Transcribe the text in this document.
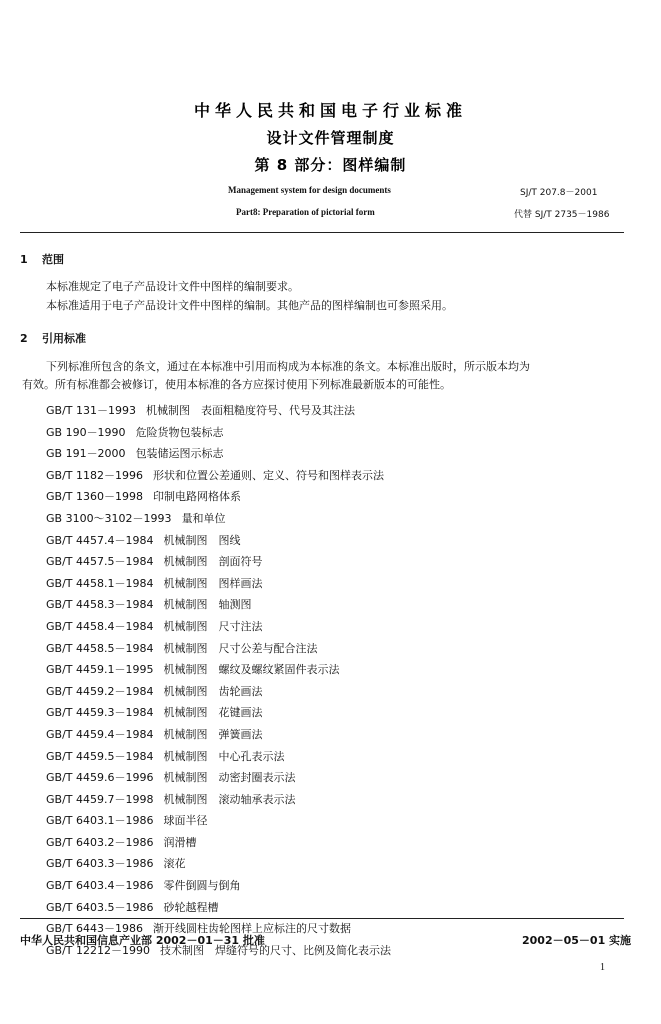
中华人民共和国电子行业标准
设计文件管理制度
第 8 部分：图样编制
Management system for design documents
Part8: Preparation of pictorial form
SJ/T 207.8－2001
代替 SJ/T 2735－1986
1 范围
本标准规定了电子产品设计文件中图样的编制要求。
本标准适用于电子产品设计文件中图样的编制。其他产品的图样编制也可参照采用。
2 引用标准
下列标准所包含的条文，通过在本标准中引用而构成为本标准的条文。本标准出版时，所示版本均为
有效。所有标准都会被修订，使用本标准的各方应探讨使用下列标准最新版本的可能性。
GB/T 131－1993 机械制图　表面粗糙度符号、代号及其注法
GB 190－1990 危险货物包装标志
GB 191－2000 包装储运图示标志
GB/T 1182－1996 形状和位置公差通则、定义、符号和图样表示法
GB/T 1360－1998 印制电路网格体系
GB 3100～3102－1993 量和单位
GB/T 4457.4－1984 机械制图　图线
GB/T 4457.5－1984 机械制图　剖面符号
GB/T 4458.1－1984 机械制图　图样画法
GB/T 4458.3－1984 机械制图　轴测图
GB/T 4458.4－1984 机械制图　尺寸注法
GB/T 4458.5－1984 机械制图　尺寸公差与配合注法
GB/T 4459.1－1995 机械制图　螺纹及螺纹紧固件表示法
GB/T 4459.2－1984 机械制图　齿轮画法
GB/T 4459.3－1984 机械制图　花键画法
GB/T 4459.4－1984 机械制图　弹簧画法
GB/T 4459.5－1984 机械制图　中心孔表示法
GB/T 4459.6－1996 机械制图　动密封圈表示法
GB/T 4459.7－1998 机械制图　滚动轴承表示法
GB/T 6403.1－1986 球面半径
GB/T 6403.2－1986 润滑槽
GB/T 6403.3－1986 滚花
GB/T 6403.4－1986 零件倒圆与倒角
GB/T 6403.5－1986 砂轮越程槽
GB/T 6443－1986 渐开线圆柱齿轮图样上应标注的尺寸数据
GB/T 12212－1990 技术制图　焊缝符号的尺寸、比例及简化表示法
中华人民共和国信息产业部 2002－01－31 批准	2002－05－01 实施
1
